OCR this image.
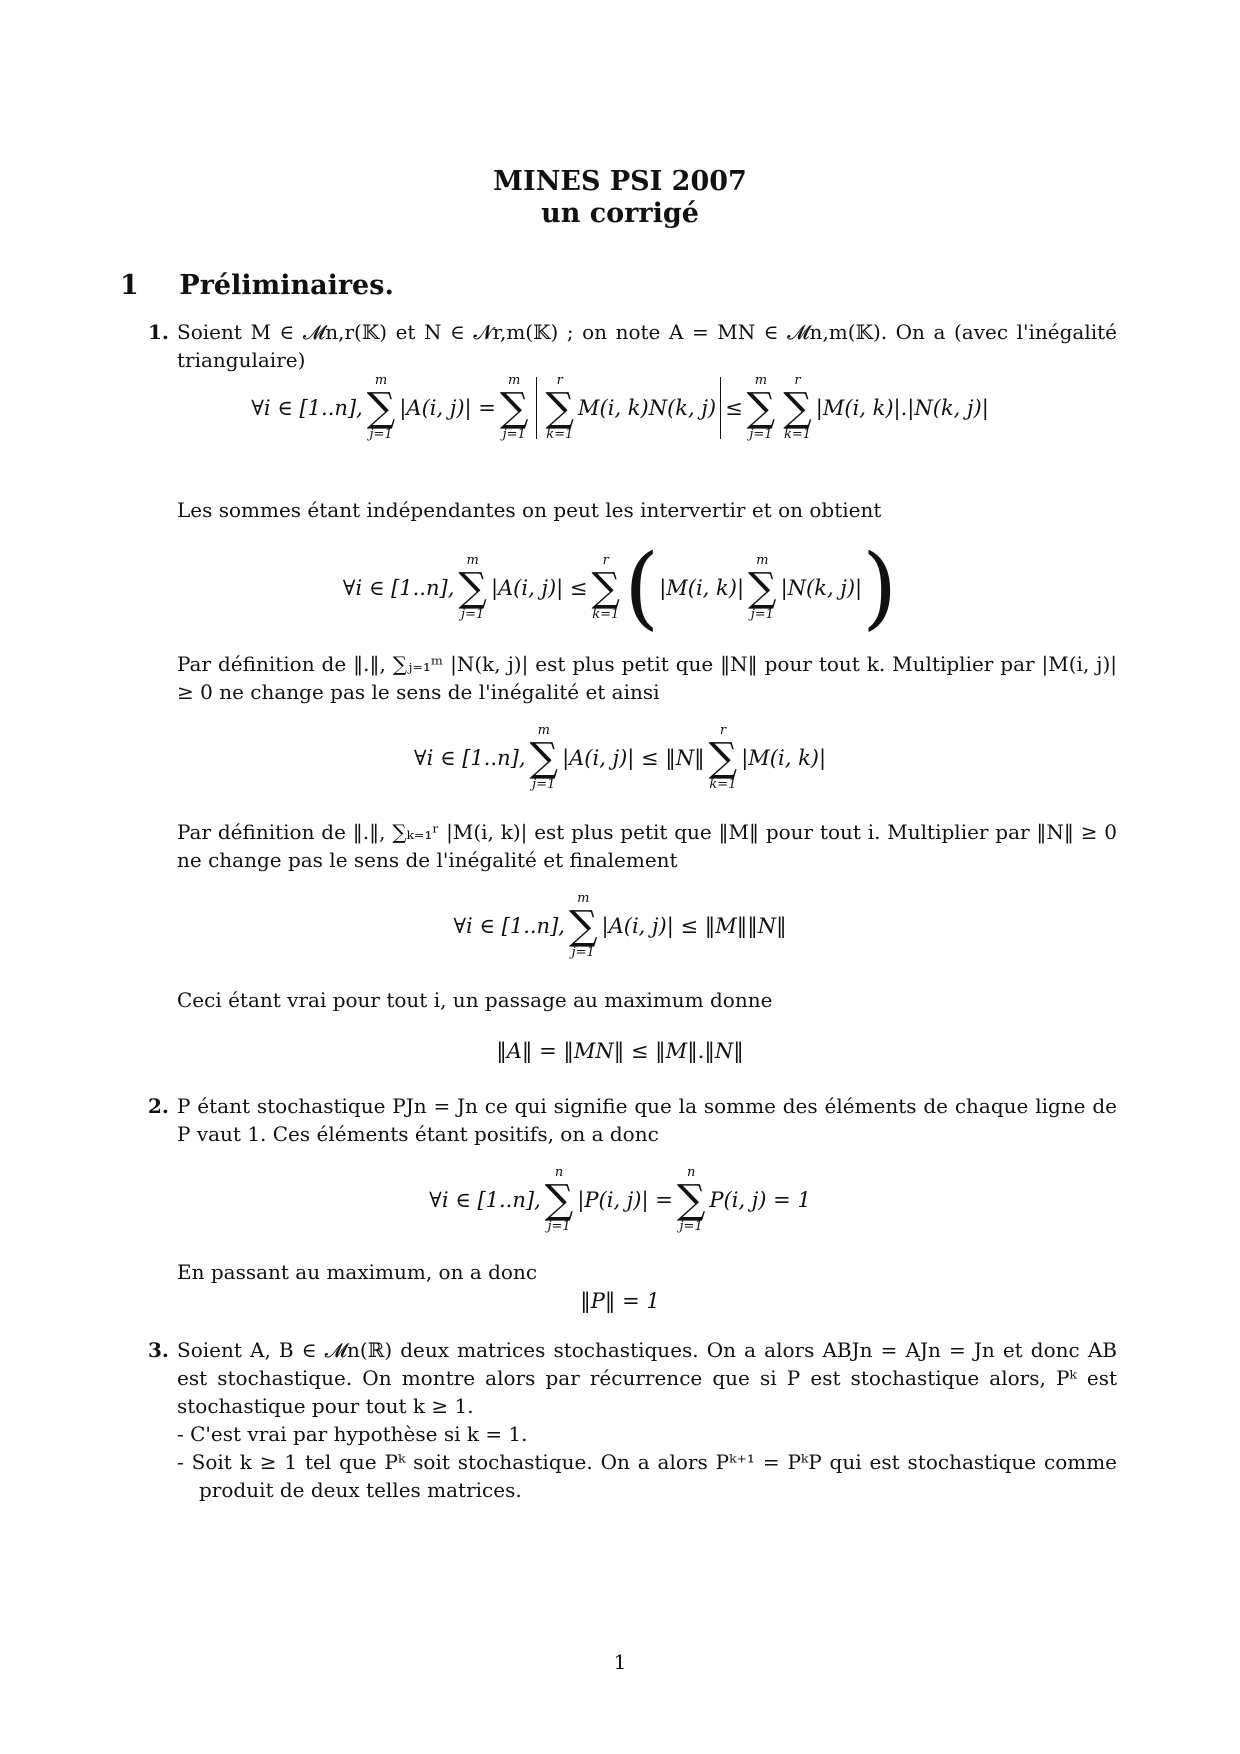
MINES PSI 2007
un corrigé
1 Préliminaires.
1. Soient M ∈ 𝓜n,r(𝕂) et N ∈ 𝓝r,m(𝕂) ; on note A = MN ∈ 𝓜n,m(𝕂). On a (avec l'inégalité triangulaire)
∀i ∈ [1..n],
m
∑
j=1
|A(i, j)| =
m
∑
j=1
r
∑
k=1
M(i, k)N(k, j) ≤
m
∑
j=1
r
∑
k=1
|M(i, k)|.|N(k, j)|
Les sommes étant indépendantes on peut les intervertir et on obtient
∀i ∈ [1..n],
m
∑
j=1
|A(i, j)| ≤
r
∑
k=1 ( |M(i, k)|
m
∑
j=1
|N(k, j)| )
Par définition de ‖.‖, ∑ⱼ₌₁ᵐ |N(k, j)| est plus petit que ‖N‖ pour tout k. Multiplier par |M(i, j)| ≥ 0 ne change pas le sens de l'inégalité et ainsi
∀i ∈ [1..n],
m
∑
j=1
|A(i, j)| ≤ ‖N‖
r
∑
k=1
|M(i, k)|
Par définition de ‖.‖, ∑ₖ₌₁ʳ |M(i, k)| est plus petit que ‖M‖ pour tout i. Multiplier par ‖N‖ ≥ 0 ne change pas le sens de l'inégalité et finalement
∀i ∈ [1..n],
m
∑
j=1
|A(i, j)| ≤ ‖M‖‖N‖
Ceci étant vrai pour tout i, un passage au maximum donne
‖A‖ = ‖MN‖ ≤ ‖M‖.‖N‖
2. P étant stochastique PJn = Jn ce qui signifie que la somme des éléments de chaque ligne de P vaut 1. Ces éléments étant positifs, on a donc
∀i ∈ [1..n],
n
∑
j=1
|P(i, j)| =
n
∑
j=1
P(i, j) = 1
En passant au maximum, on a donc
‖P‖ = 1
3. Soient A, B ∈ 𝓜n(ℝ) deux matrices stochastiques. On a alors ABJn = AJn = Jn et donc AB est stochastique. On montre alors par récurrence que si P est stochastique alors, Pᵏ est stochastique pour tout k ≥ 1.
- C'est vrai par hypothèse si k = 1.
- Soit k ≥ 1 tel que Pᵏ soit stochastique. On a alors Pᵏ⁺¹ = PᵏP qui est stochastique comme produit de deux telles matrices.
1
